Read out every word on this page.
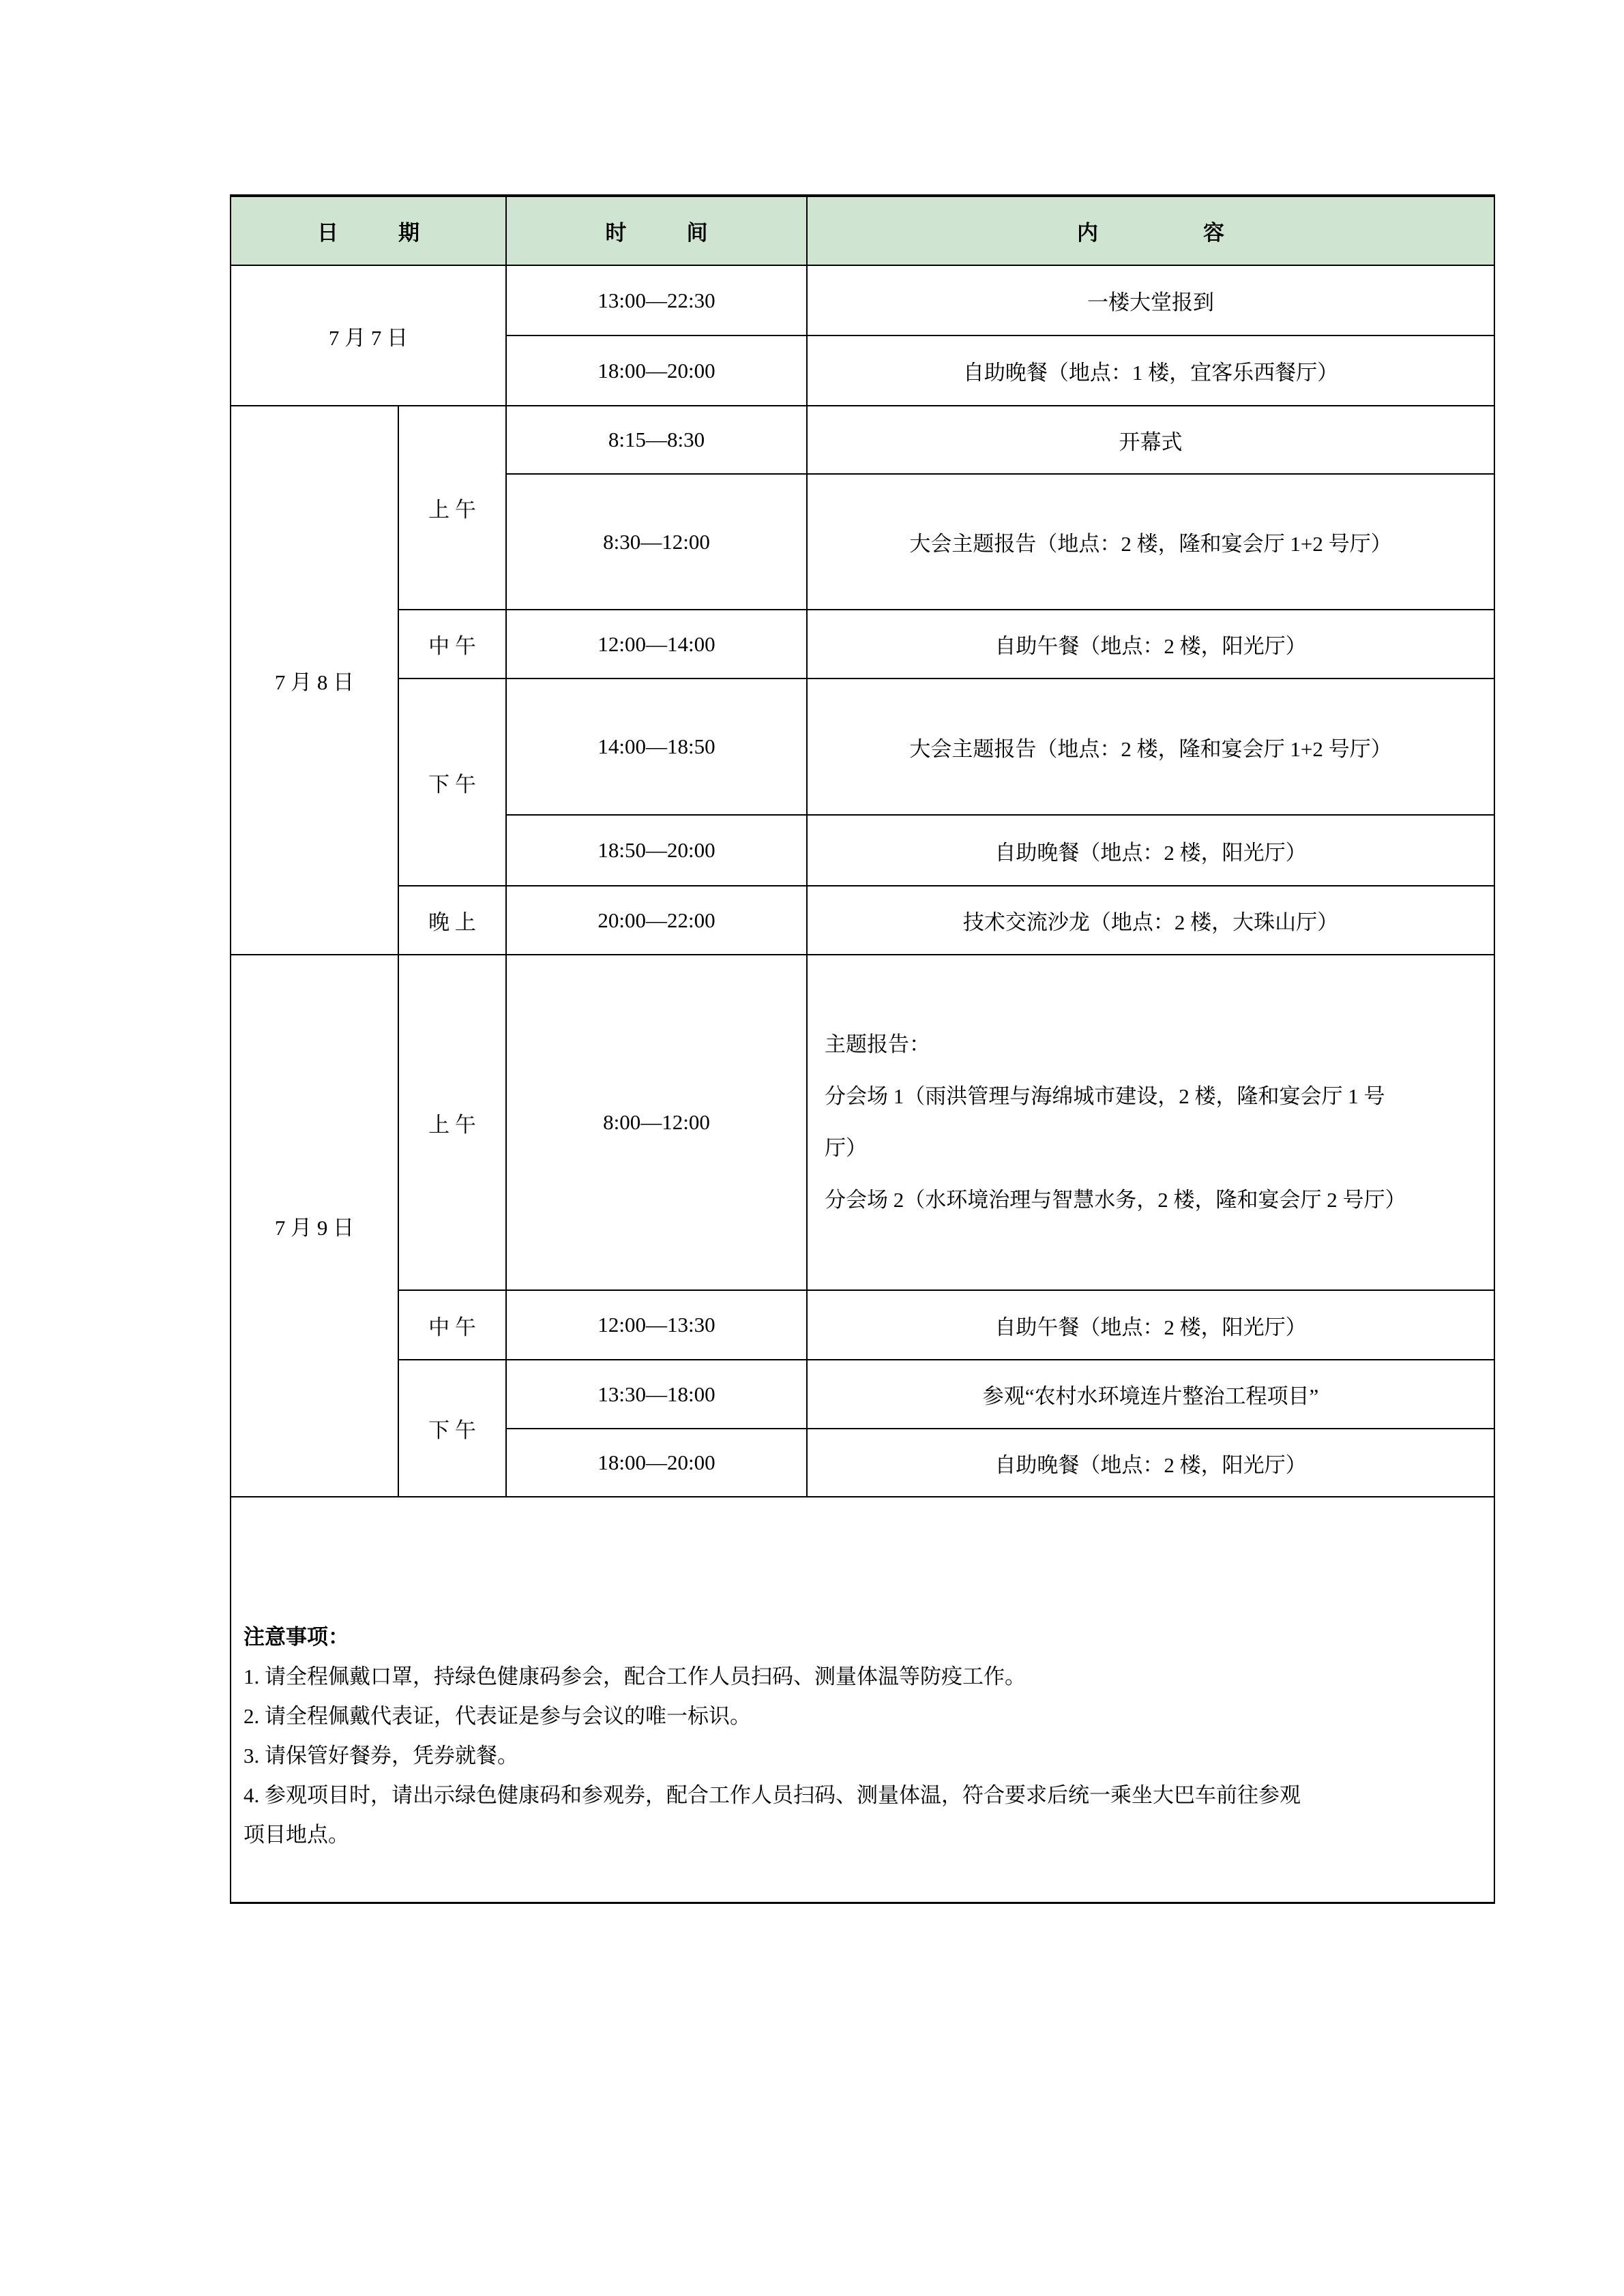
日期		时间	内容
7 月 7 日		13:00—22:30	一楼大堂报到
		18:00—20:00	自助晚餐（地点：1 楼，宜客乐西餐厅）
7 月 8 日	上 午	8:15—8:30	开幕式
		8:30—12:00	大会主题报告（地点：2 楼，隆和宴会厅 1+2 号厅）
	中 午	12:00—14:00	自助午餐（地点：2 楼，阳光厅）
	下 午	14:00—18:50	大会主题报告（地点：2 楼，隆和宴会厅 1+2 号厅）
		18:50—20:00	自助晚餐（地点：2 楼，阳光厅）
	晚 上	20:00—22:00	技术交流沙龙（地点：2 楼，大珠山厅）
7 月 9 日	上 午	8:00—12:00	主题报告：
分会场 1（雨洪管理与海绵城市建设，2 楼，隆和宴会厅 1 号
厅）
分会场 2（水环境治理与智慧水务，2 楼，隆和宴会厅 2 号厅）

	中 午	12:00—13:30	自助午餐（地点：2 楼，阳光厅）
	下 午	13:30—18:00	参观“农村水环境连片整治工程项目”
		18:00—20:00	自助晚餐（地点：2 楼，阳光厅）

注意事项：
1. 请全程佩戴口罩，持绿色健康码参会，配合工作人员扫码、测量体温等防疫工作。
2. 请全程佩戴代表证，代表证是参与会议的唯一标识。
3. 请保管好餐券，凭券就餐。
4. 参观项目时，请出示绿色健康码和参观券，配合工作人员扫码、测量体温，符合要求后统一乘坐大巴车前往参观项目地点。			
